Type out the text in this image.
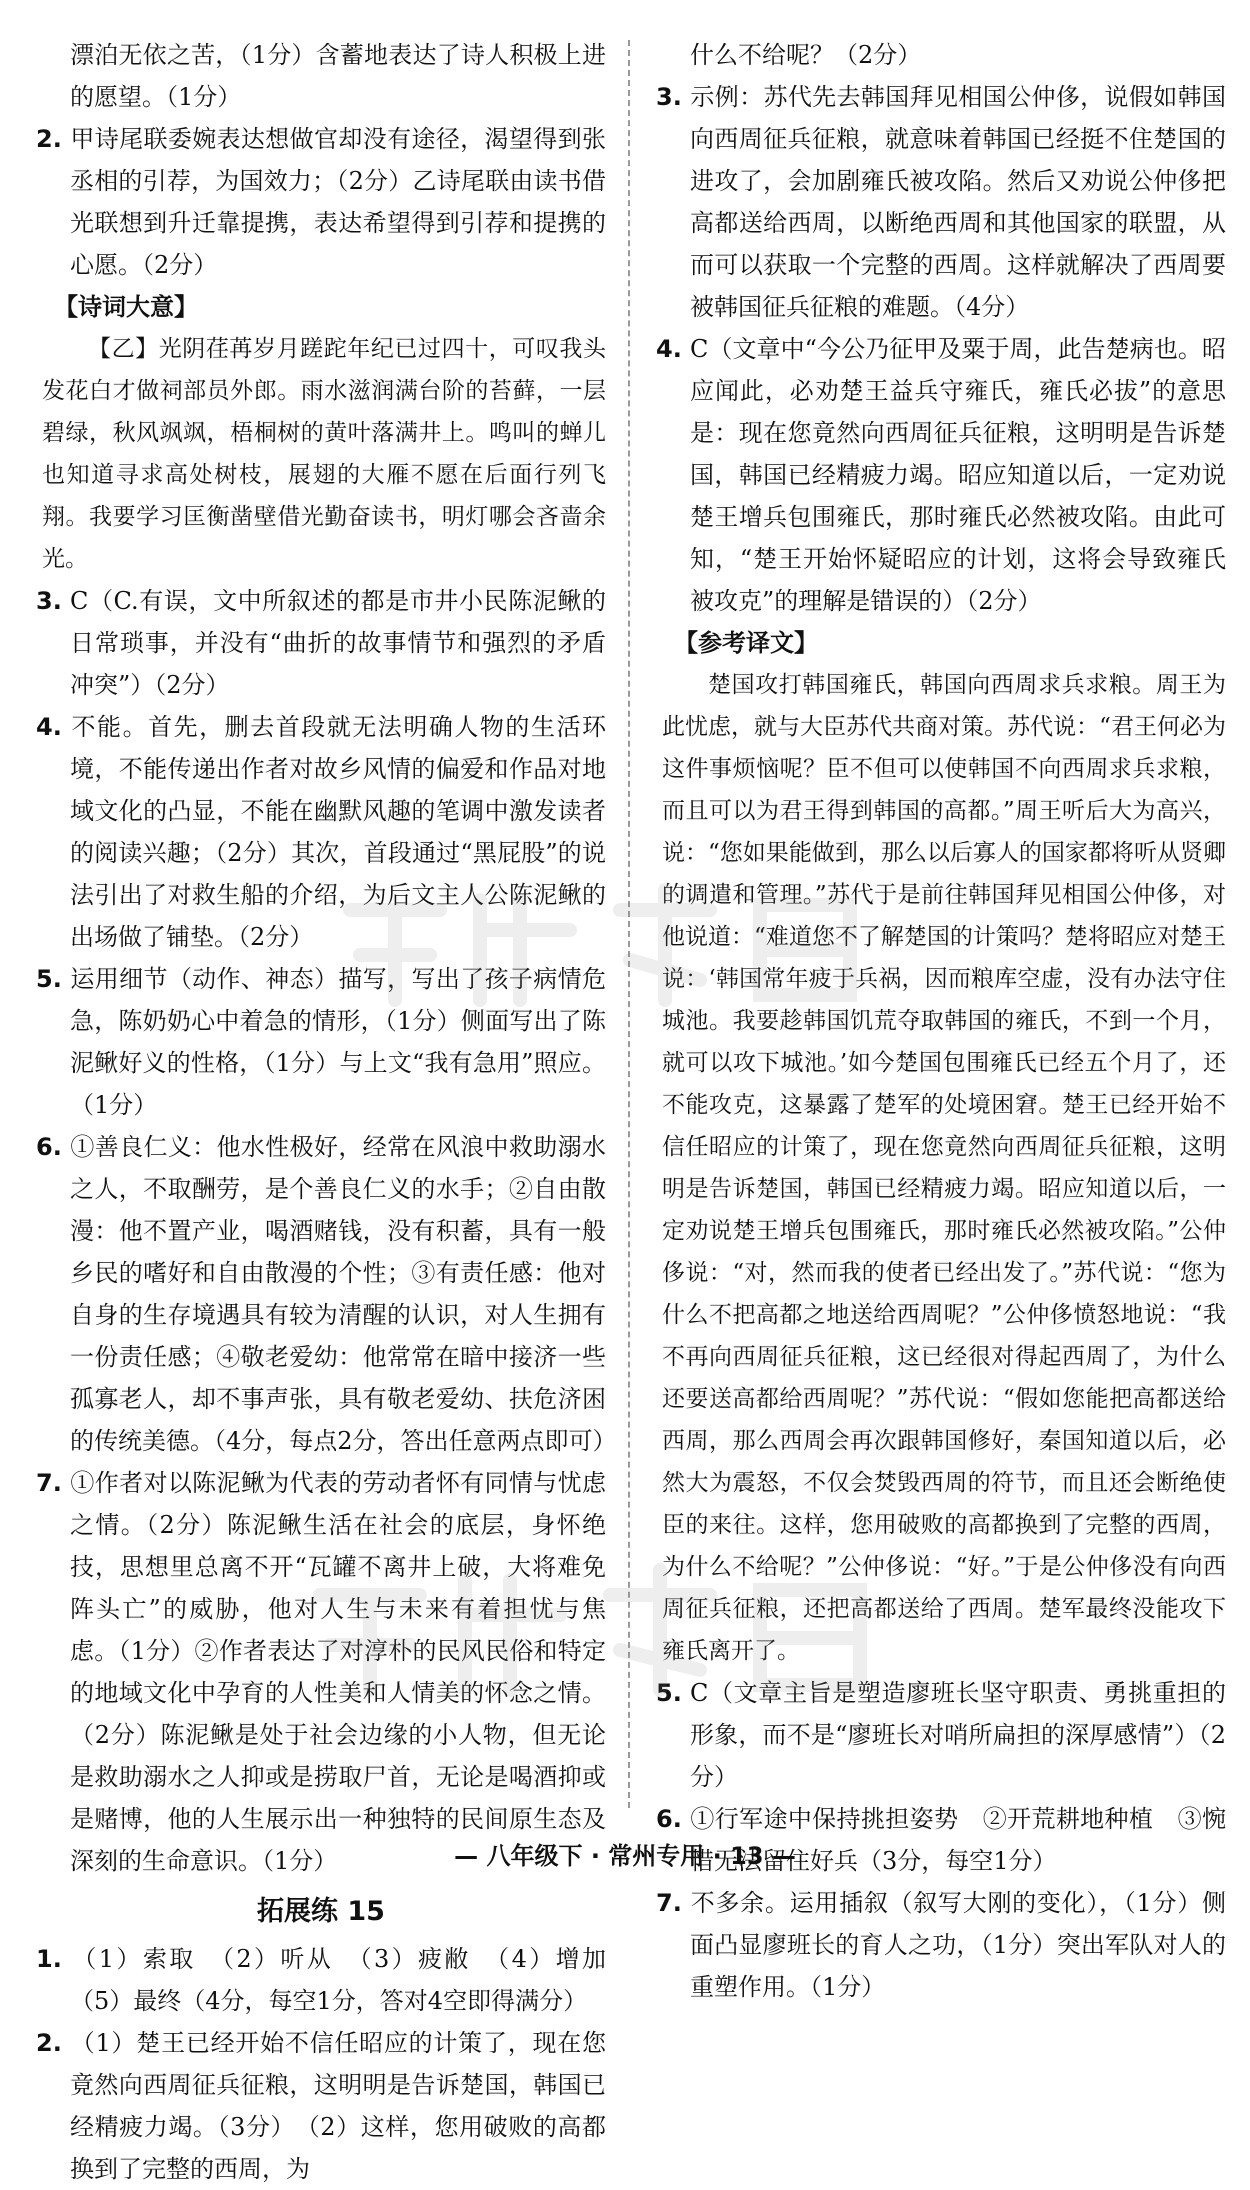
漂泊无依之苦，（1分）含蓄地表达了诗人积极上进的愿望。（1分）

2. 甲诗尾联委婉表达想做官却没有途径，渴望得到张丞相的引荐，为国效力；（2分）乙诗尾联由读书借光联想到升迁靠提携，表达希望得到引荐和提携的心愿。（2分）

【诗词大意】

【乙】光阴荏苒岁月蹉跎年纪已过四十，可叹我头发花白才做祠部员外郎。雨水滋润满台阶的苔藓，一层碧绿，秋风飒飒，梧桐树的黄叶落满井上。鸣叫的蝉儿也知道寻求高处树枝，展翅的大雁不愿在后面行列飞翔。我要学习匡衡凿壁借光勤奋读书，明灯哪会吝啬余光。

3. C（C.有误，文中所叙述的都是市井小民陈泥鳅的日常琐事，并没有“曲折的故事情节和强烈的矛盾冲突”）（2分）

4. 不能。首先，删去首段就无法明确人物的生活环境，不能传递出作者对故乡风情的偏爱和作品对地域文化的凸显，不能在幽默风趣的笔调中激发读者的阅读兴趣；（2分）其次，首段通过“黑屁股”的说法引出了对救生船的介绍，为后文主人公陈泥鳅的出场做了铺垫。（2分）

5. 运用细节（动作、神态）描写，写出了孩子病情危急，陈奶奶心中着急的情形，（1分）侧面写出了陈泥鳅好义的性格，（1分）与上文“我有急用”照应。（1分）

6. ①善良仁义：他水性极好，经常在风浪中救助溺水之人，不取酬劳，是个善良仁义的水手；②自由散漫：他不置产业，喝酒赌钱，没有积蓄，具有一般乡民的嗜好和自由散漫的个性；③有责任感：他对自身的生存境遇具有较为清醒的认识，对人生拥有一份责任感；④敬老爱幼：他常常在暗中接济一些孤寡老人，却不事声张，具有敬老爱幼、扶危济困的传统美德。（4分，每点2分，答出任意两点即可）

7. ①作者对以陈泥鳅为代表的劳动者怀有同情与忧虑之情。（2分）陈泥鳅生活在社会的底层，身怀绝技，思想里总离不开“瓦罐不离井上破，大将难免阵头亡”的威胁，他对人生与未来有着担忧与焦虑。（1分）②作者表达了对淳朴的民风民俗和特定的地域文化中孕育的人性美和人情美的怀念之情。（2分）陈泥鳅是处于社会边缘的小人物，但无论是救助溺水之人抑或是捞取尸首，无论是喝酒抑或是赌博，他的人生展示出一种独特的民间原生态及深刻的生命意识。（1分）

拓展练 15

1. （1）索取　（2）听从　（3）疲敝　（4）增加　（5）最终（4分，每空1分，答对4空即得满分）

2. （1）楚王已经开始不信任昭应的计策了，现在您竟然向西周征兵征粮，这明明是告诉楚国，韩国已经精疲力竭。（3分）　（2）这样，您用破败的高都换到了完整的西周，为

什么不给呢？（2分）

3. 示例：苏代先去韩国拜见相国公仲侈，说假如韩国向西周征兵征粮，就意味着韩国已经挺不住楚国的进攻了，会加剧雍氏被攻陷。然后又劝说公仲侈把高都送给西周，以断绝西周和其他国家的联盟，从而可以获取一个完整的西周。这样就解决了西周要被韩国征兵征粮的难题。（4分）

4. C（文章中“今公乃征甲及粟于周，此告楚病也。昭应闻此，必劝楚王益兵守雍氏，雍氏必拔”的意思是：现在您竟然向西周征兵征粮，这明明是告诉楚国，韩国已经精疲力竭。昭应知道以后，一定劝说楚王增兵包围雍氏，那时雍氏必然被攻陷。由此可知，“楚王开始怀疑昭应的计划，这将会导致雍氏被攻克”的理解是错误的）（2分）

【参考译文】

楚国攻打韩国雍氏，韩国向西周求兵求粮。周王为此忧虑，就与大臣苏代共商对策。苏代说：“君王何必为这件事烦恼呢？臣不但可以使韩国不向西周求兵求粮，而且可以为君王得到韩国的高都。”周王听后大为高兴，说：“您如果能做到，那么以后寡人的国家都将听从贤卿的调遣和管理。”苏代于是前往韩国拜见相国公仲侈，对他说道：“难道您不了解楚国的计策吗？楚将昭应对楚王说：‘韩国常年疲于兵祸，因而粮库空虚，没有办法守住城池。我要趁韩国饥荒夺取韩国的雍氏，不到一个月，就可以攻下城池。’如今楚国包围雍氏已经五个月了，还不能攻克，这暴露了楚军的处境困窘。楚王已经开始不信任昭应的计策了，现在您竟然向西周征兵征粮，这明明是告诉楚国，韩国已经精疲力竭。昭应知道以后，一定劝说楚王增兵包围雍氏，那时雍氏必然被攻陷。”公仲侈说：“对，然而我的使者已经出发了。”苏代说：“您为什么不把高都之地送给西周呢？”公仲侈愤怒地说：“我不再向西周征兵征粮，这已经很对得起西周了，为什么还要送高都给西周呢？”苏代说：“假如您能把高都送给西周，那么西周会再次跟韩国修好，秦国知道以后，必然大为震怒，不仅会焚毁西周的符节，而且还会断绝使臣的来往。这样，您用破败的高都换到了完整的西周，为什么不给呢？”公仲侈说：“好。”于是公仲侈没有向西周征兵征粮，还把高都送给了西周。楚军最终没能攻下雍氏离开了。

5. C（文章主旨是塑造廖班长坚守职责、勇挑重担的形象，而不是“廖班长对哨所扁担的深厚感情”）（2分）

6. ①行军途中保持挑担姿势　②开荒耕地种植　③惋惜无法留住好兵（3分，每空1分）

7. 不多余。运用插叙（叙写大刚的变化），（1分）侧面凸显廖班长的育人之功，（1分）突出军队对人的重塑作用。（1分）

— 八年级下 · 常州专用 · 13 —
